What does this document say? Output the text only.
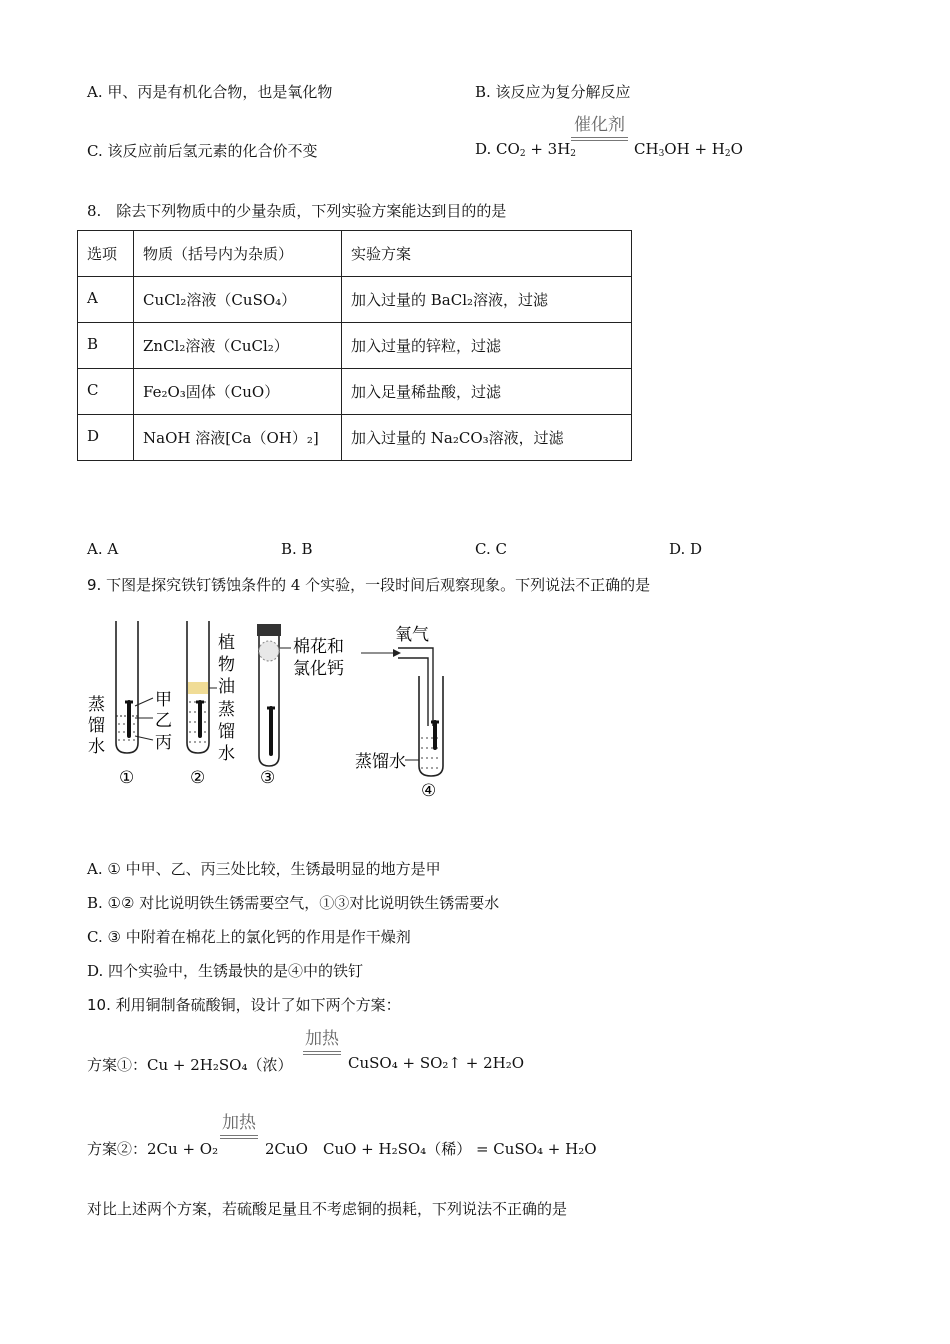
A. 甲、丙是有机化合物，也是氧化物	B. 该反应为复分解反应
C. 该反应前后氢元素的化合价不变	D. $CO_2 + 3H_2$
催化剂
$CH_3OH + H_2O$
8.　除去下列物质中的少量杂质，下列实验方案能达到目的的是
选项	物质（括号内为杂质）	实验方案
A	CuCl₂溶液（CuSO₄）	加入过量的 BaCl₂溶液，过滤
B	ZnCl₂溶液（CuCl₂）	加入过量的锌粒，过滤
C	Fe₂O₃固体（CuO）	加入足量稀盐酸，过滤
D	NaOH 溶液[Ca（OH）₂]	加入过量的 Na₂CO₃溶液，过滤
A. A	B. B	C. C	D. D
9. 下图是探究铁钉锈蚀条件的 4 个实验，一段时间后观察现象。下列说法不正确的是
甲
乙
丙
蒸
馏
水
①
植
物
油
蒸
馏
水
②
棉花和
氯化钙
③
氧气
蒸馏水
④
A. ① 中甲、乙、丙三处比较，生锈最明显的地方是甲
B. ①② 对比说明铁生锈需要空气，①③对比说明铁生锈需要水
C. ③ 中附着在棉花上的氯化钙的作用是作干燥剂
D. 四个实验中，生锈最快的是④中的铁钉
10. 利用铜制备硫酸铜，设计了如下两个方案：
方案①：Cu + 2H₂SO₄（浓）
加热
CuSO₄ + SO₂↑ + 2H₂O
方案②：2Cu + O₂
加热
2CuO　CuO + H₂SO₄（稀） = CuSO₄ + H₂O
对比上述两个方案，若硫酸足量且不考虑铜的损耗，下列说法不正确的是
